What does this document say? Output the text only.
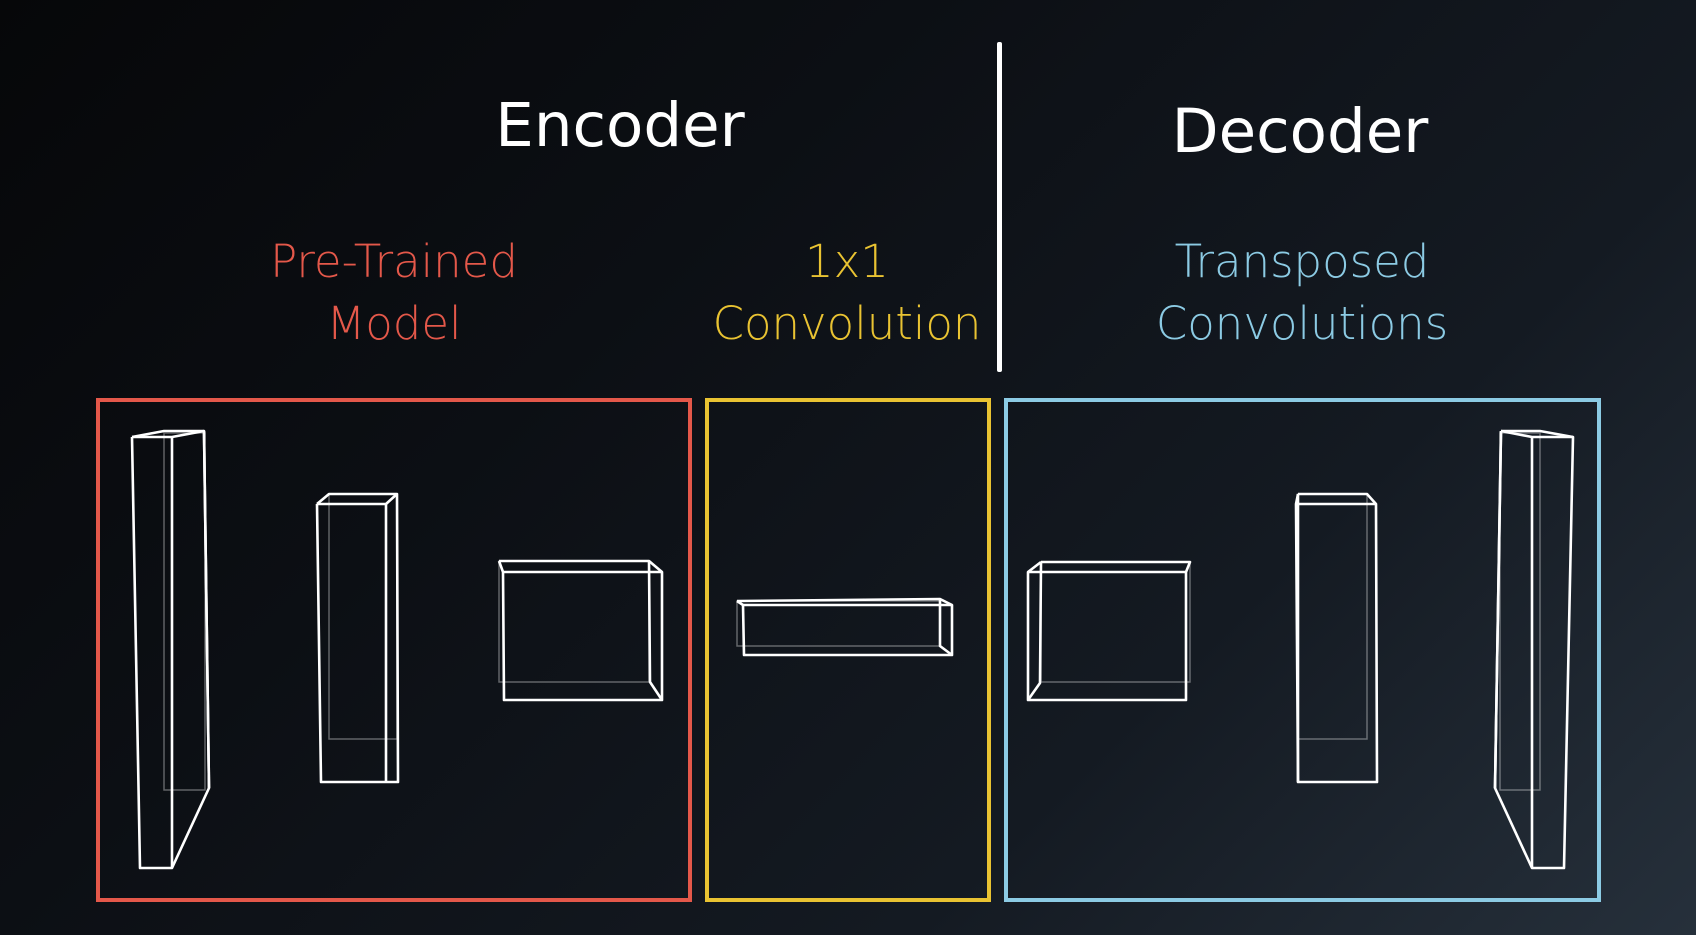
Encoder	Decoder
Pre-Trained
Model
1x1
Convolution
Transposed
Convolutions
